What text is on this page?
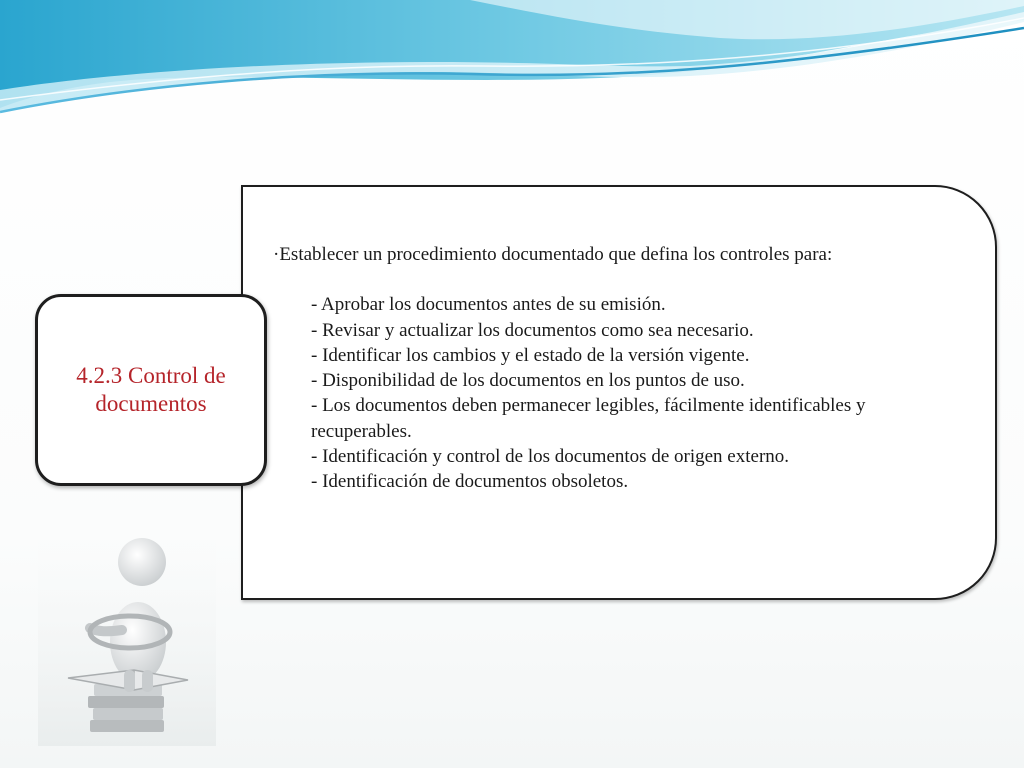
·Establecer un procedimiento documentado que defina los controles para:

- Aprobar los documentos antes de su emisión.
- Revisar y actualizar los documentos como sea necesario.
- Identificar los cambios y el estado de la versión vigente.
- Disponibilidad de los documentos en los puntos de uso.
- Los documentos deben permanecer legibles, fácilmente identificables y recuperables.
- Identificación y control de los documentos de origen externo.
- Identificación de documentos obsoletos.
4.2.3 Control de documentos
